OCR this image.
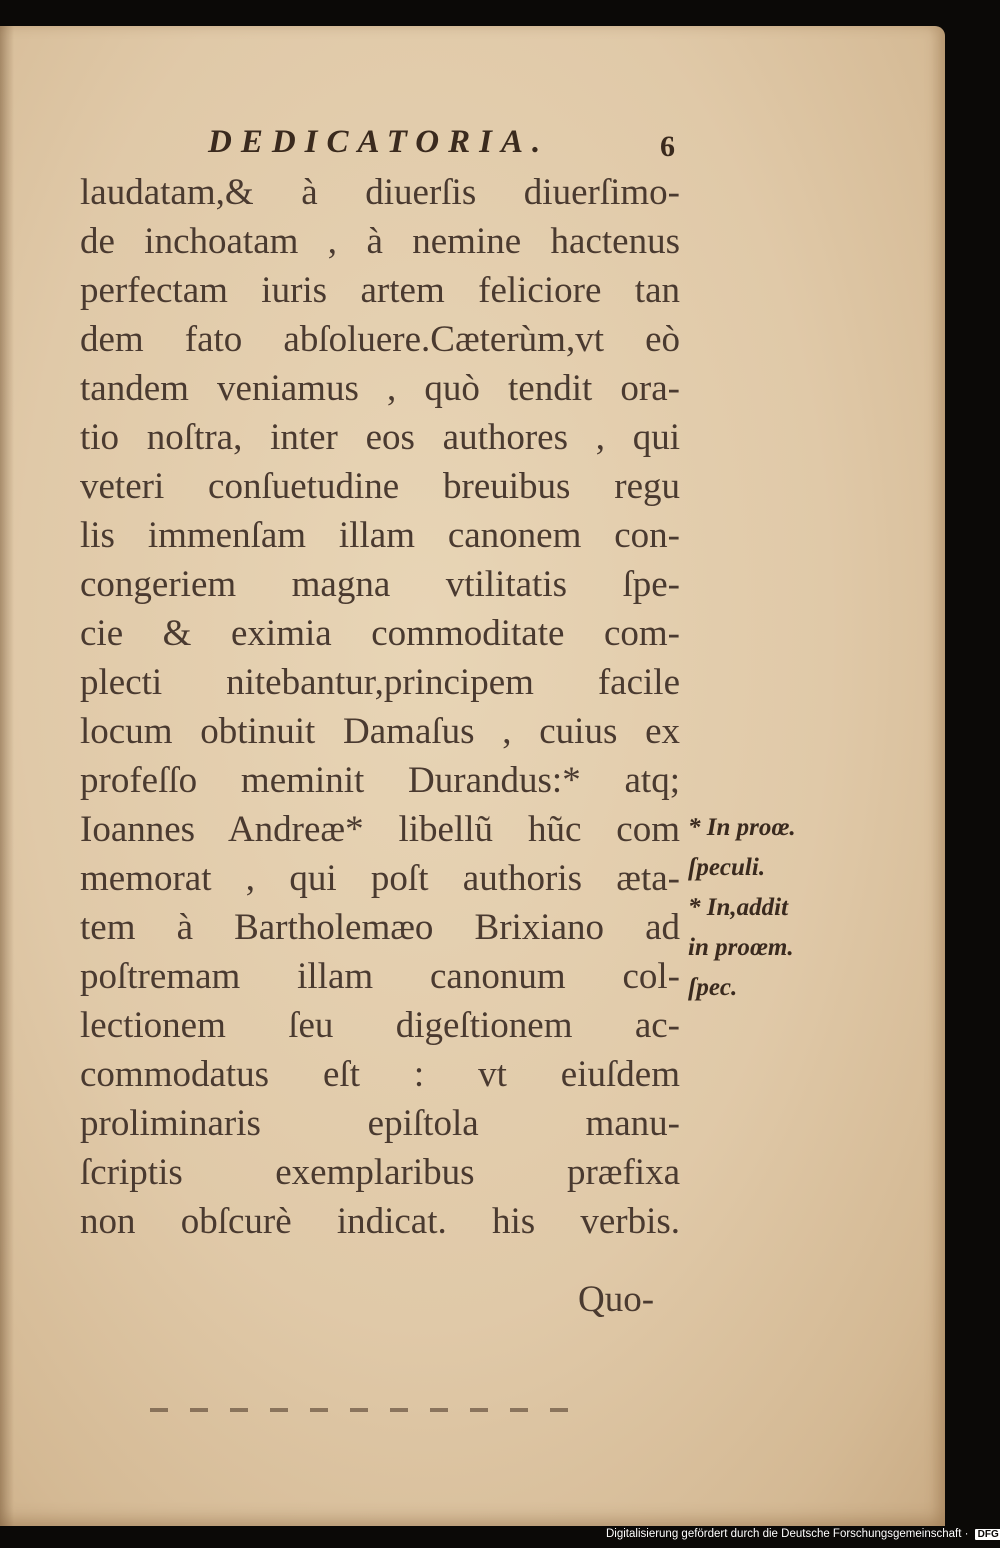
DEDICATORIA.	6
laudatam,& à diuerſis diuerſimo-
de inchoatam , à nemine hactenus
perfectam iuris artem feliciore tan
dem fato abſoluere.Cæterùm,vt eò
tandem veniamus , quò tendit ora-
tio noſtra, inter eos authores , qui
veteri conſuetudine breuibus regu
lis immenſam illam canonem con-
congeriem magna vtilitatis ſpe-
cie & eximia commoditate com-
plecti nitebantur,principem facile
locum obtinuit Damaſus , cuius ex
profeſſo meminit Durandus:* atq;
Ioannes Andreæ* libellũ hũc com
memorat , qui poſt authoris æta-
tem à Bartholemæo Brixiano ad
poſtremam illam canonum col-
lectionem ſeu digeſtionem ac-
commodatus eſt : vt eiuſdem
proliminaris epiſtola manu-
ſcriptis exemplaribus præfixa
non obſcurè indicat. his verbis.
Quo-
* In proœ.
ſpeculi.
* In,addit
in proœm.
ſpec.
Digitalisierung gefördert durch die Deutsche Forschungsgemeinschaft · DFG
